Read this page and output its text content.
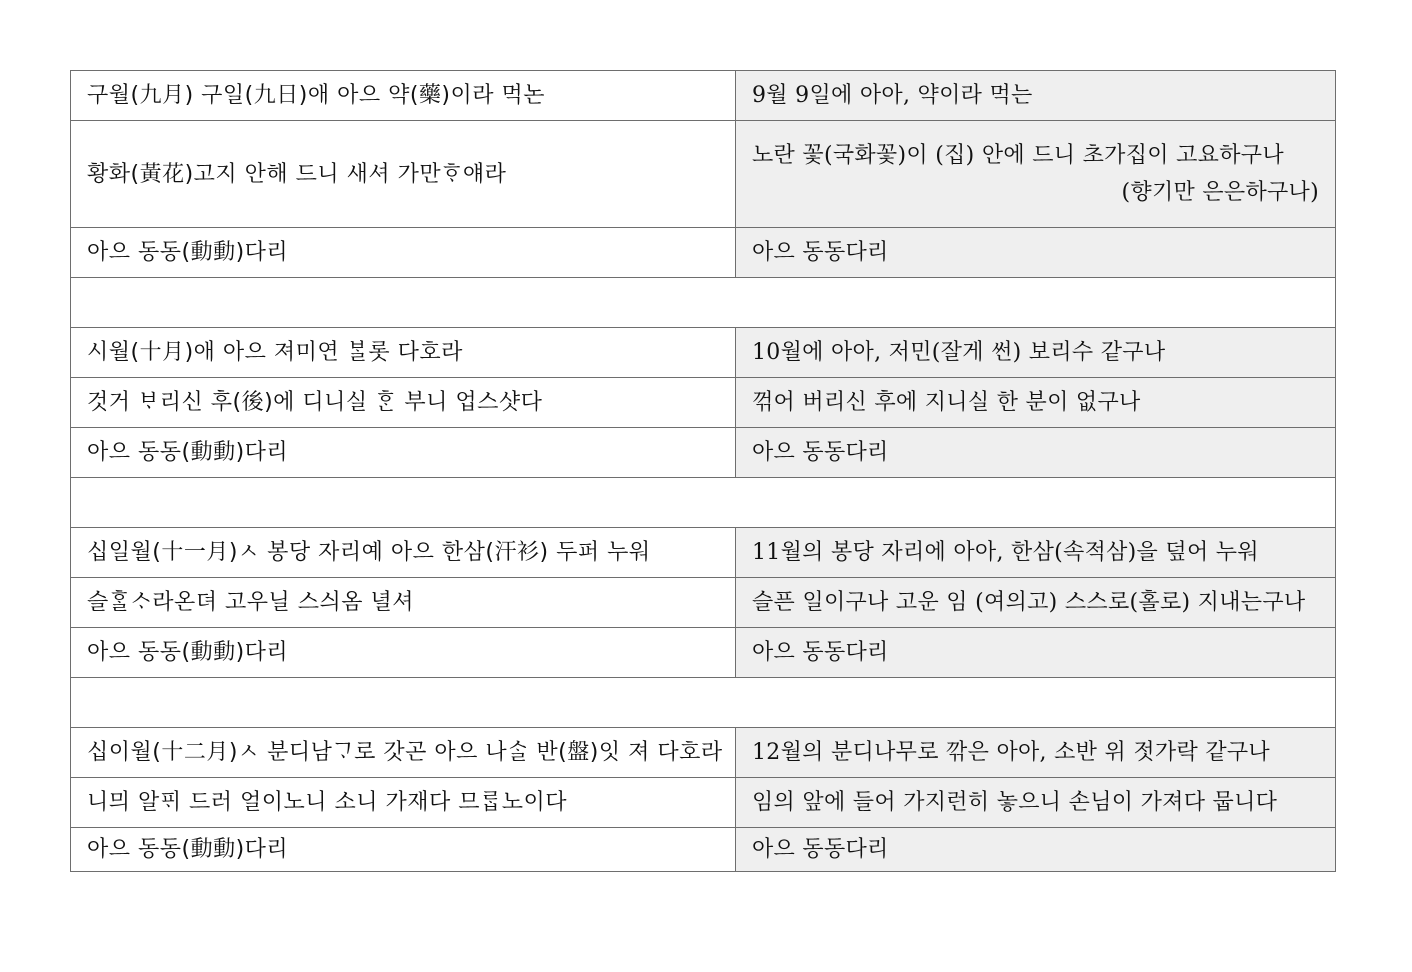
구월(九月) 구일(九日)애 아으 약(藥)이라 먹논	9월 9일에 아아, 약이라 먹는
황화(黃花)고지 안해 드니 새셔 가만ᄒᆞ얘라	노란 꽃(국화꽃)이 (집) 안에 드니 초가집이 고요하구나
(향기만 은은하구나)

아으 동동(動動)다리	아으 동동다리

시월(十月)애 아으 져미연 ᄇᆞᆯ롯 다호라	10월에 아아, 저민(잘게 썬) 보리수 같구나
것거 ᄇᆞ리신 후(後)에 디니실 ᄒᆞᆫ 부니 업스샷다	꺾어 버리신 후에 지니실 한 분이 없구나
아으 동동(動動)다리	아으 동동다리

십일월(十一月)ㅅ 봉당 자리예 아으 한삼(汗衫) 두퍼 누워	11월의 봉당 자리에 아아, 한삼(속적삼)을 덮어 누워
슬ᄒᆞᆯᄉᆞ라온뎌 고우닐 스싀옴 녈셔	슬픈 일이구나 고운 임 (여의고) 스스로(홀로) 지내는구나
아으 동동(動動)다리	아으 동동다리

십이월(十二月)ㅅ 분디남ᄀᆞ로 갓곤 아으 나ᄉᆞᆯ 반(盤)잇 져 다호라	12월의 분디나무로 깎은 아아, 소반 위 젓가락 같구나
니믜 알ᄑᆡ 드러 얼이노니 소니 가재다 므ᄅᆞᆸ노이다	임의 앞에 들어 가지런히 놓으니 손님이 가져다 뭅니다
아으 동동(動動)다리	아으 동동다리
